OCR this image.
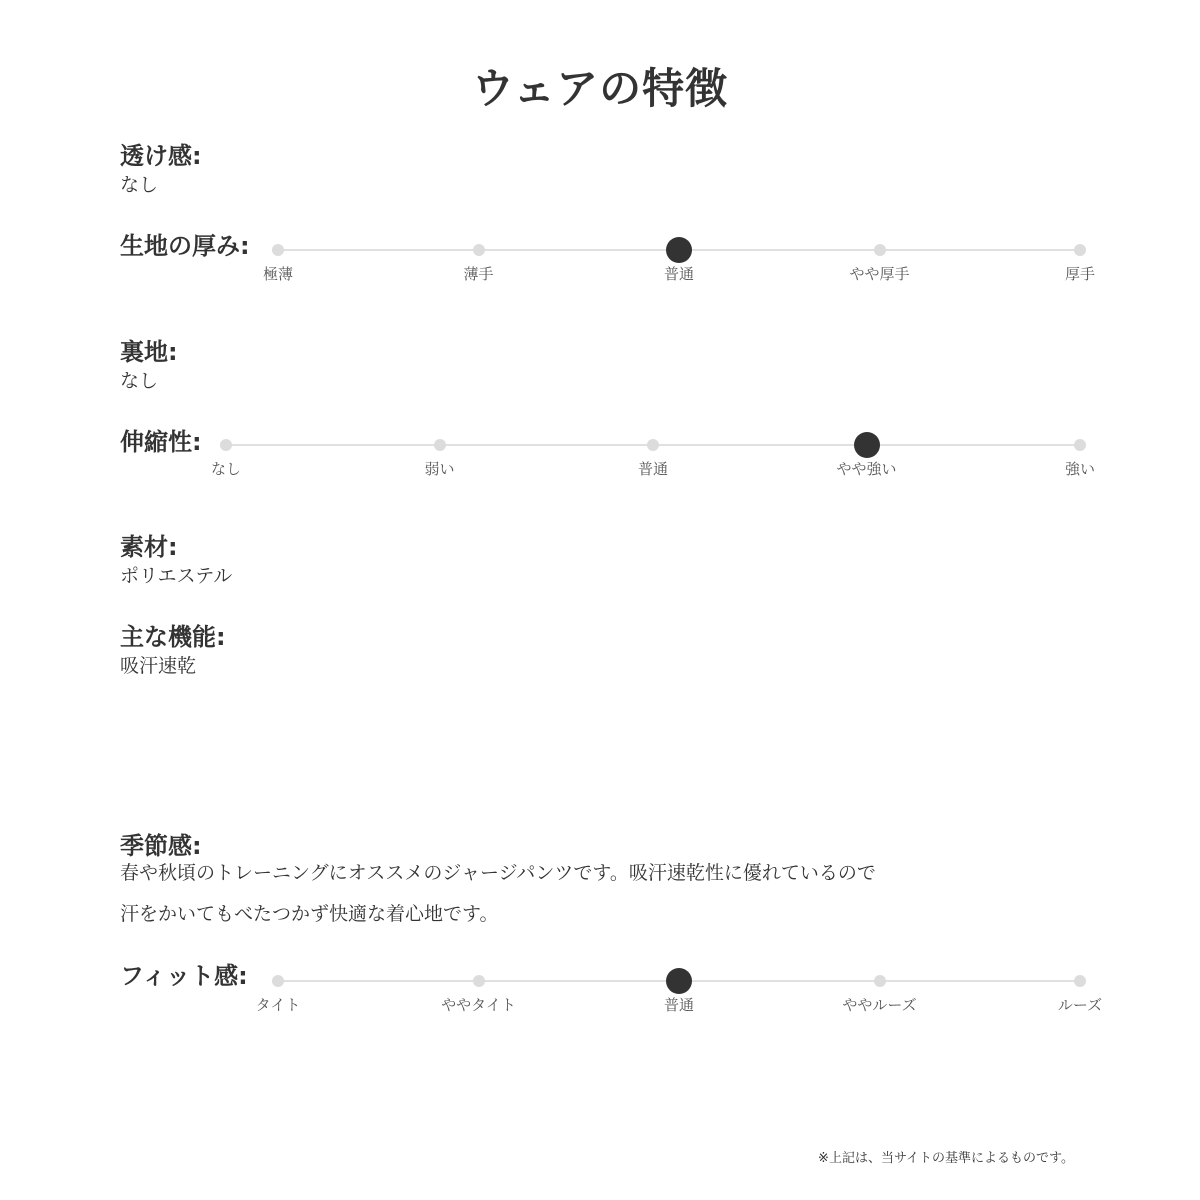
ウェアの特徴
透け感:
なし
生地の厚み:
極薄	薄手	普通	やや厚手	厚手
裏地:
なし
伸縮性:
なし	弱い	普通	やや強い	強い
素材:
ポリエステル
主な機能:
吸汗速乾
季節感:
春や秋頃のトレーニングにオススメのジャージパンツです。吸汗速乾性に優れているので汗をかいてもべたつかず快適な着心地です。
フィット感:
タイト	ややタイト	普通	ややルーズ	ルーズ
※上記は、当サイトの基準によるものです。
